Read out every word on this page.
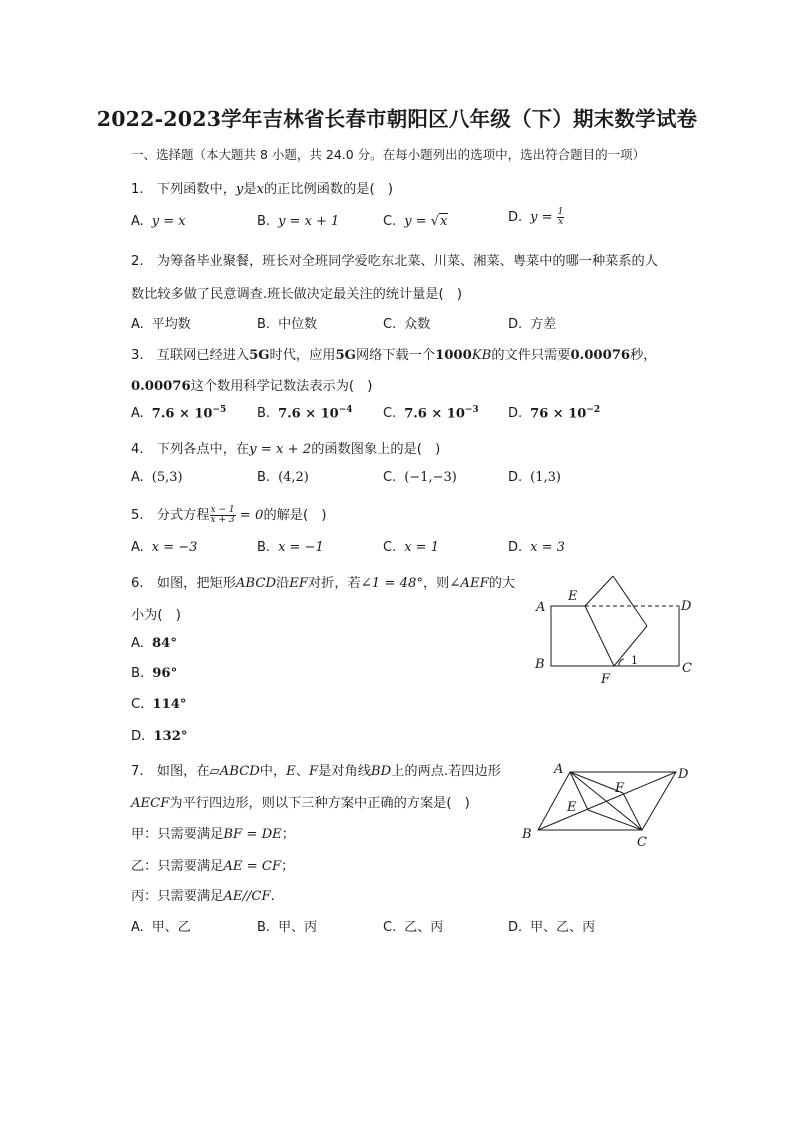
2022-2023学年吉林省长春市朝阳区八年级（下）期末数学试卷
一、选择题（本大题共 8 小题，共 24.0 分。在每小题列出的选项中，选出符合题目的一项）
1.　下列函数中，y是x的正比例函数的是(　)
A. y = x	B. y = x + 1	C. y = √x	D. $y = \frac{1}{x}$
2.　为筹备毕业聚餐，班长对全班同学爱吃东北菜、川菜、湘菜、粤菜中的哪一种菜系的人
数比较多做了民意调查.班长做决定最关注的统计量是(　)
A. 平均数	B. 中位数	C. 众数	D. 方差
3.　互联网已经进入5G时代，应用5G网络下载一个1000KB的文件只需要0.00076秒，
0.00076这个数用科学记数法表示为(　)
A. $7.6 \times 10^{-5}$ B. $7.6 \times 10^{-4}$ C. $7.6 \times 10^{-3}$ D. $76 \times 10^{-2}$
4.　下列各点中，在y = x + 2的函数图象上的是(　)
A. (5,3)	B. (4,2)	C. (−1,−3)	D. (1,3)
5.　分式方程 $\frac{x - 1}{x + 3} = 0$的解是(　)
A. x = −3	B. x = −1	C. x = 1	D. x = 3
6.　如图，把矩形ABCD沿EF对折，若∠1 = 48°，则∠AEF的大
小为(　)
A. 84°
B. 96°
C. 114°
D. 132°
A
E
D
B	C
F
1
7.　如图，在▱ABCD中，E、F是对角线BD上的两点.若四边形
AECF为平行四边形，则以下三种方案中正确的方案是(　)
甲：只需要满足BF = DE；
乙：只需要满足AE = CF；
丙：只需要满足AE//CF.
A. 甲、乙	B. 甲、丙	C. 乙、丙	D. 甲、乙、丙
A	D
B
C
E
F
